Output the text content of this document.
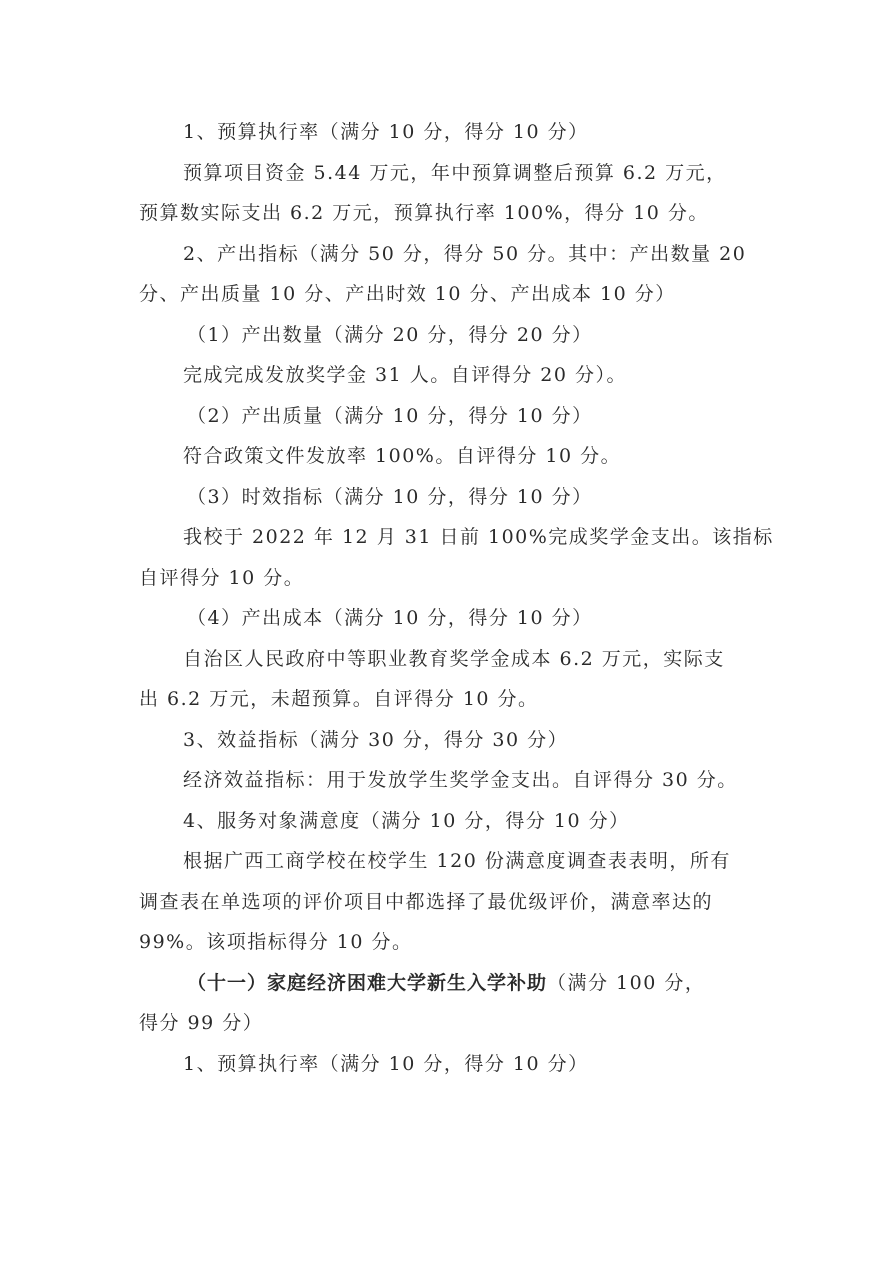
1、预算执行率（满分 10 分，得分 10 分）
预算项目资金 5.44 万元，年中预算调整后预算 6.2 万元，
预算数实际支出 6.2 万元，预算执行率 100%，得分 10 分。
2、产出指标（满分 50 分，得分 50 分。其中：产出数量 20
分、产出质量 10 分、产出时效 10 分、产出成本 10 分）
（1）产出数量（满分 20 分，得分 20 分）
完成完成发放奖学金 31 人。自评得分 20 分）。
（2）产出质量（满分 10 分，得分 10 分）
符合政策文件发放率 100%。自评得分 10 分。
（3）时效指标（满分 10 分，得分 10 分）
我校于 2022 年 12 月 31 日前 100%完成奖学金支出。该指标
自评得分 10 分。
（4）产出成本（满分 10 分，得分 10 分）
自治区人民政府中等职业教育奖学金成本 6.2 万元，实际支
出 6.2 万元，未超预算。自评得分 10 分。
3、效益指标（满分 30 分，得分 30 分）
经济效益指标：用于发放学生奖学金支出。自评得分 30 分。
4、服务对象满意度（满分 10 分，得分 10 分）
根据广西工商学校在校学生 120 份满意度调查表表明，所有
调查表在单选项的评价项目中都选择了最优级评价，满意率达的
99%。该项指标得分 10 分。
（十一）家庭经济困难大学新生入学补助（满分 100 分，
得分 99 分）
1、预算执行率（满分 10 分，得分 10 分）
